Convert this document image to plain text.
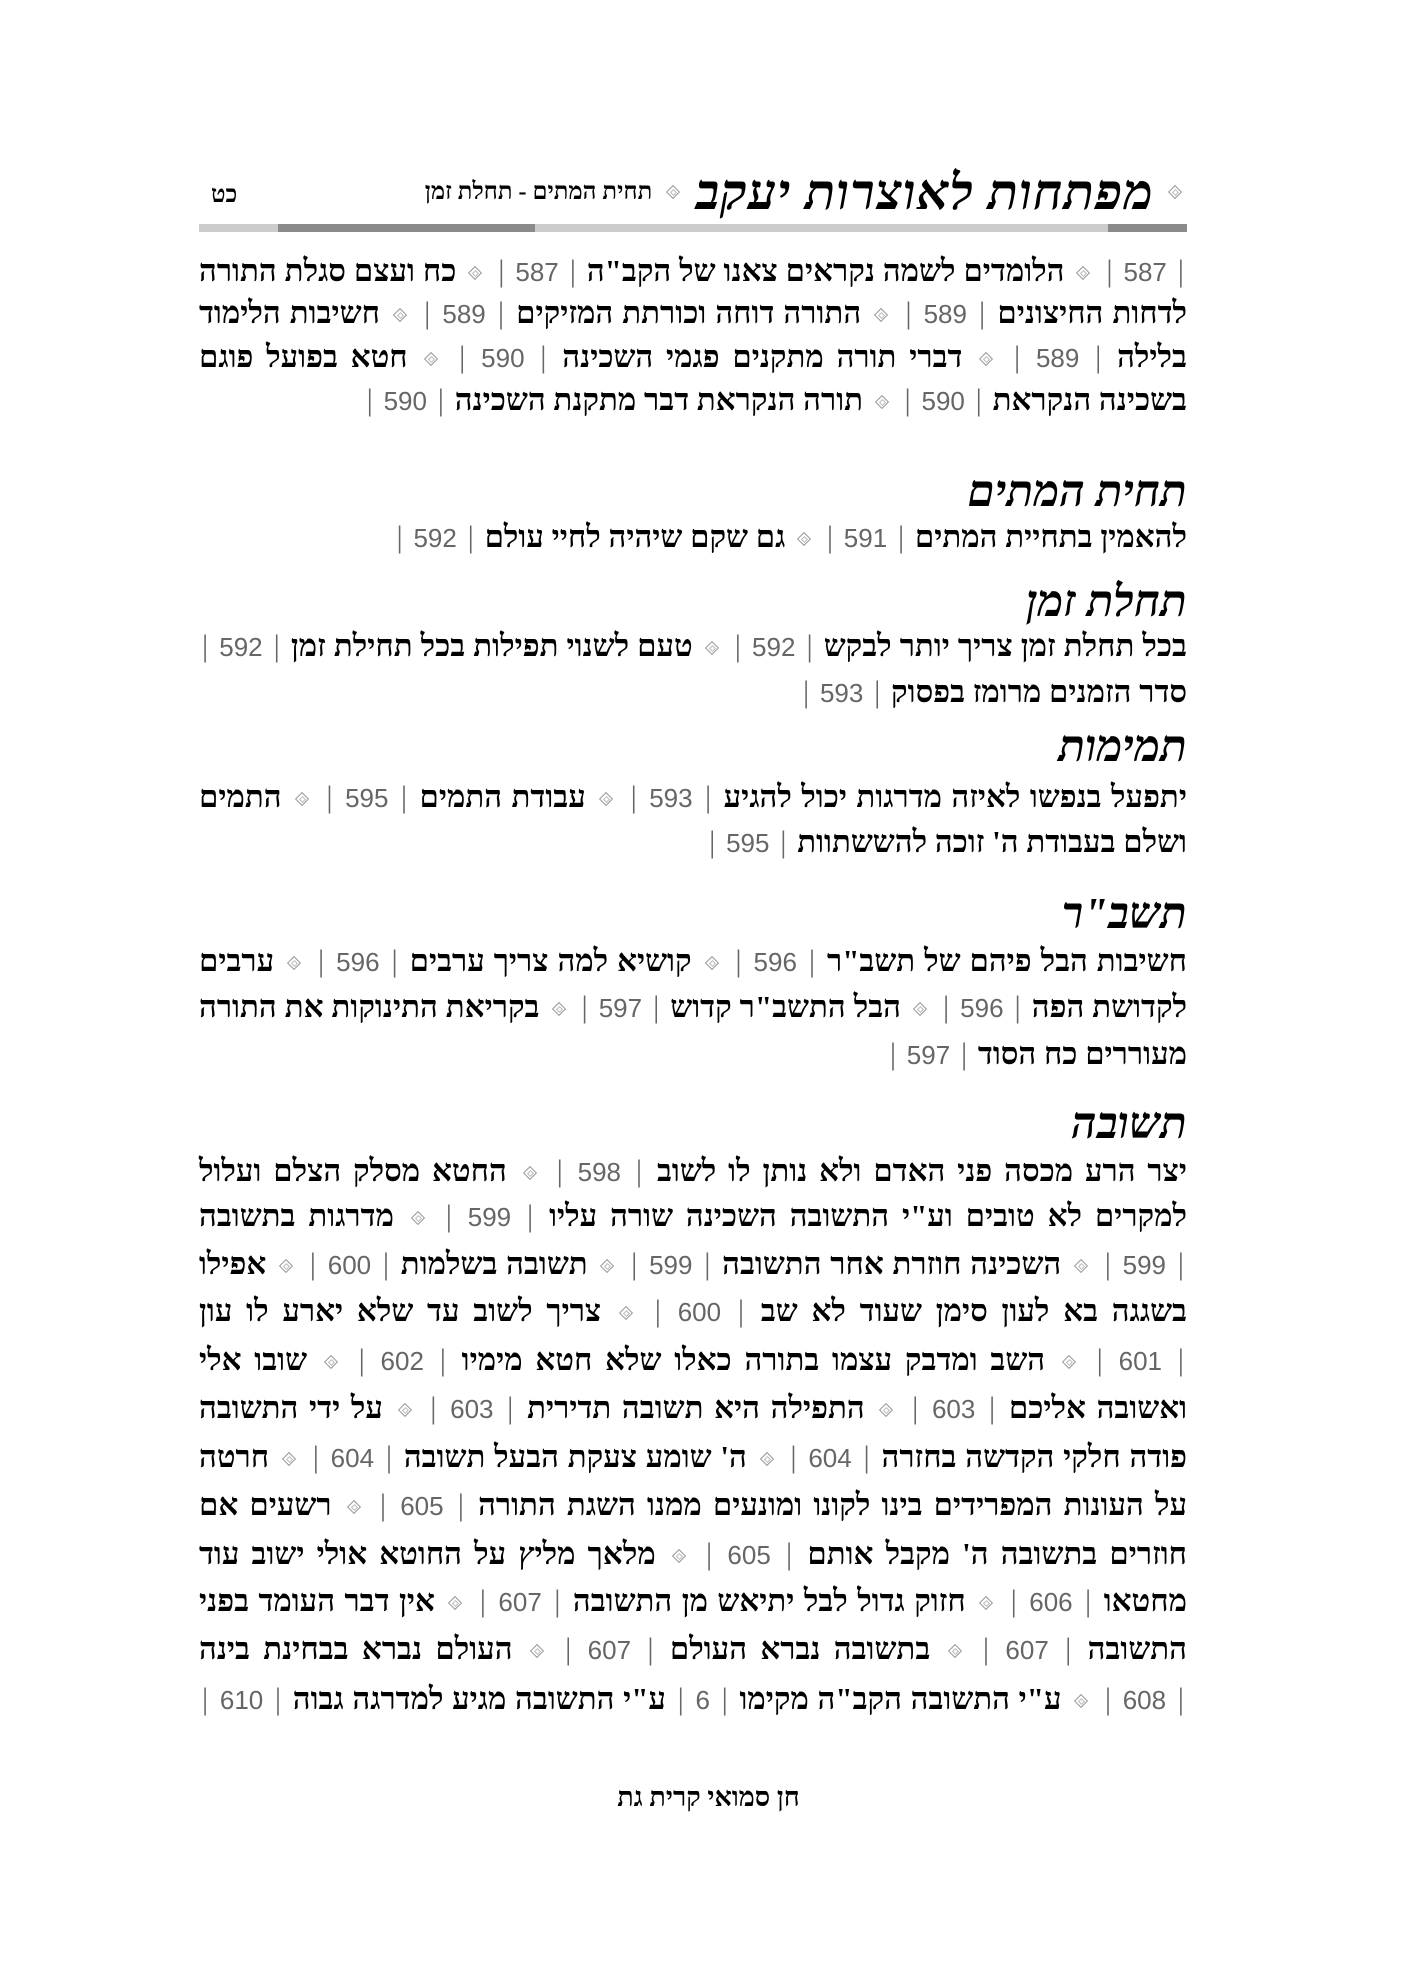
מפתחות לאוצרות יעקב
תחית המתים - תחלת זמן
כט
| 587 |  הלומדים לשמה נקראים צאנו של הקב"ה | 587 |  כח ועצם סגלת התורה
לדחות החיצונים | 589 |  התורה דוחה וכורתת המזיקים | 589 |  חשיבות הלימוד
בלילה | 589 |  דברי תורה מתקנים פגמי השכינה | 590 |  חטא בפועל פוגם
בשכינה הנקראת | 590 |  תורה הנקראת דבר מתקנת השכינה | 590 |
תחית המתים
להאמין בתחיית המתים | 591 |  גם שקם שיהיה לחיי עולם | 592 |
תחלת זמן
בכל תחלת זמן צריך יותר לבקש | 592 |  טעם לשנוי תפילות בכל תחילת זמן | 592 |
סדר הזמנים מרומז בפסוק | 593 |
תמימות
יתפעל בנפשו לאיזה מדרגות יכול להגיע | 593 |  עבודת התמים | 595 |  התמים
ושלם בעבודת ה' זוכה להששתוות | 595 |
תשב"ר
חשיבות הבל פיהם של תשב"ר | 596 |  קושיא למה צריך ערבים | 596 |  ערבים
לקדושת הפה | 596 |  הבל התשב"ר קדוש | 597 |  בקריאת התינוקות את התורה
מעוררים כח הסוד | 597 |
תשובה
יצר הרע מכסה פני האדם ולא נותן לו לשוב | 598 |  החטא מסלק הצלם ועלול
למקרים לא טובים וע"י התשובה השכינה שורה עליו | 599 |  מדרגות בתשובה
| 599 |  השכינה חוזרת אחר התשובה | 599 |  תשובה בשלמות | 600 |  אפילו
בשגגה בא לעון סימן שעוד לא שב | 600 |  צריך לשוב עד שלא יארע לו עון
| 601 |  השב ומדבק עצמו בתורה כאלו שלא חטא מימיו | 602 |  שובו אלי
ואשובה אליכם | 603 |  התפילה היא תשובה תדירית | 603 |  על ידי התשובה
פודה חלקי הקדשה בחזרה | 604 |  ה' שומע צעקת הבעל תשובה | 604 |  חרטה
על העונות המפרידים בינו לקונו ומונעים ממנו השגת התורה | 605 |  רשעים אם
חוזרים בתשובה ה' מקבל אותם | 605 |  מלאך מליץ על החוטא אולי ישוב עוד
מחטאו | 606 |  חזוק גדול לבל יתיאש מן התשובה | 607 |  אין דבר העומד בפני
התשובה | 607 |  בתשובה נברא העולם | 607 |  העולם נברא בבחינת בינה
| 608 |  ע"י התשובה הקב"ה מקימו | 6 | ע"י התשובה מגיע למדרגה גבוה | 610 |
חן סמואי קרית גת
